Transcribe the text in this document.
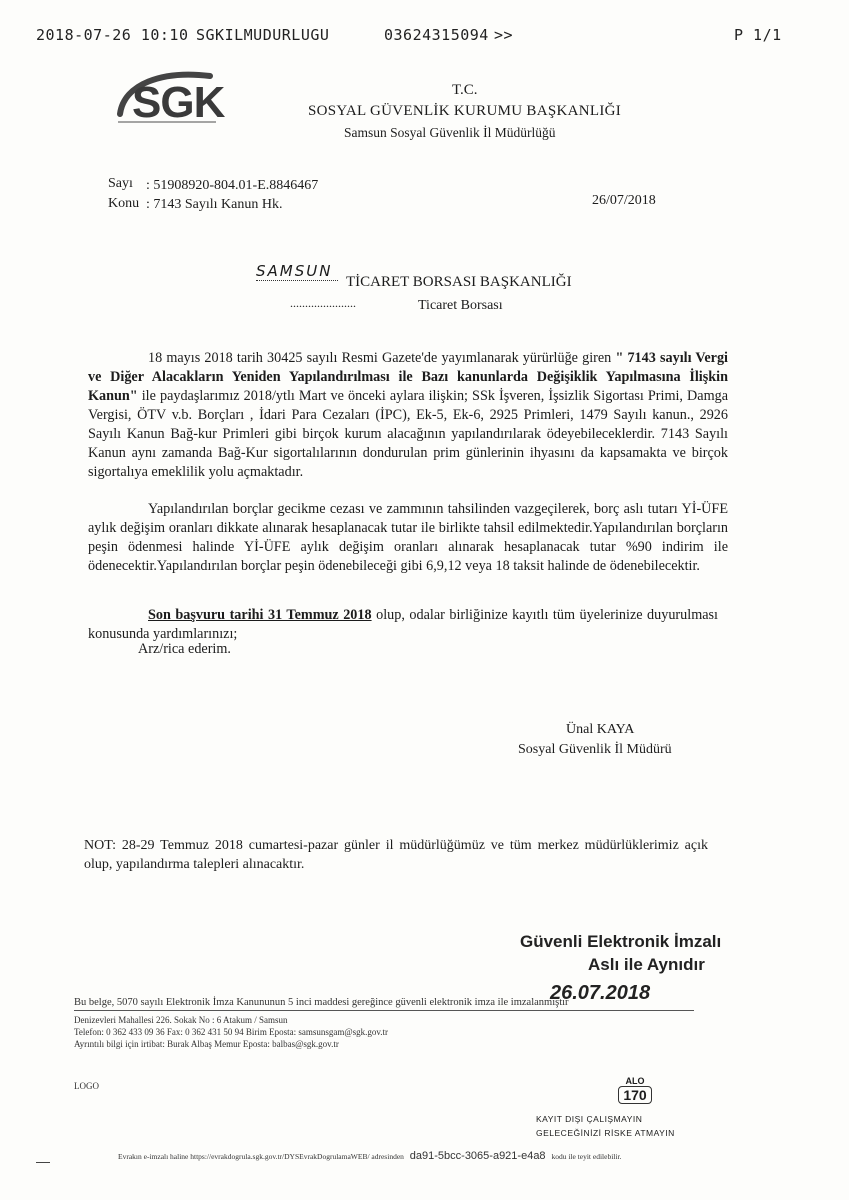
2018-07-26 10:10 SGKILMUDURLUGU	03624315094 >>	P 1/1
SGK	T.C.
SOSYAL GÜVENLİK KURUMU BAŞKANLIĞI
Samsun Sosyal Güvenlik İl Müdürlüğü
Sayı : 51908920-804.01-E.8846467
Konu : 7143 Sayılı Kanun Hk.	26/07/2018
SAMSUN
TİCARET BORSASI BAŞKANLIĞI
......................	Ticaret Borsası
18 mayıs 2018 tarih 30425 sayılı Resmi Gazete'de yayımlanarak yürürlüğe giren " 7143 sayılı Vergi ve Diğer Alacakların Yeniden Yapılandırılması ile Bazı kanunlarda Değişiklik Yapılmasına İlişkin Kanun" ile paydaşlarımız 2018/ytlı Mart ve önceki aylara ilişkin; SSk İşveren, İşsizlik Sigortası Primi, Damga Vergisi, ÖTV v.b. Borçları , İdari Para Cezaları (İPC), Ek-5, Ek-6, 2925 Primleri, 1479 Sayılı kanun., 2926 Sayılı Kanun Bağ-kur Primleri gibi birçok kurum alacağının yapılandırılarak ödeyebileceklerdir. 7143 Sayılı Kanun aynı zamanda Bağ-Kur sigortalılarının dondurulan prim günlerinin ihyasını da kapsamakta ve birçok sigortalıya emeklilik yolu açmaktadır.
Yapılandırılan borçlar gecikme cezası ve zammının tahsilinden vazgeçilerek, borç aslı tutarı Yİ-ÜFE aylık değişim oranları dikkate alınarak hesaplanacak tutar ile birlikte tahsil edilmektedir.Yapılandırılan borçların peşin ödenmesi halinde Yİ-ÜFE aylık değişim oranları alınarak hesaplanacak tutar %90 indirim ile ödenecektir.Yapılandırılan borçlar peşin ödenebileceği gibi 6,9,12 veya 18 taksit halinde de ödenebilecektir.
Son başvuru tarihi 31 Temmuz 2018 olup, odalar birliğinize kayıtlı tüm üyelerinize duyurulması konusunda yardımlarınızı;
Arz/rica ederim.
Ünal KAYA
Sosyal Güvenlik İl Müdürü
NOT: 28-29 Temmuz 2018 cumartesi-pazar günler il müdürlüğümüz ve tüm merkez müdürlüklerimiz açık olup, yapılandırma talepleri alınacaktır.
Güvenli Elektronik İmzalı
Aslı ile Aynıdır
26.07.2018
Bu belge, 5070 sayılı Elektronik İmza Kanununun 5 inci maddesi gereğince güvenli elektronik imza ile imzalanmıştır
Denizevleri Mahallesi 226. Sokak No : 6 Atakum / Samsun
Telefon: 0 362 433 09 36 Fax: 0 362 431 50 94 Birim Eposta: samsunsgam@sgk.gov.tr
Ayrıntılı bilgi için irtibat: Burak Albaş Memur Eposta: balbas@sgk.gov.tr
LOGO	ALO
170
KAYIT DIŞI ÇALIŞMAYIN
GELECEĞİNİZİ RİSKE ATMAYIN
Evrakın e-imzalı haline https://evrakdogrula.sgk.gov.tr/DYSEvrakDogrulamaWEB/ adresinden da91-5bcc-3065-a921-e4a8 kodu ile teyit edilebilir.
